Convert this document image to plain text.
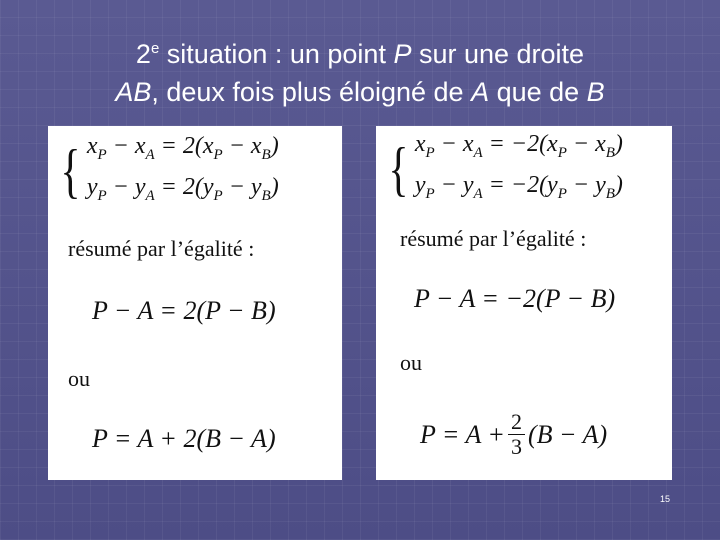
2e situation : un point P sur une droite
AB, deux fois plus éloigné de A que de B
{ $x_P - x_A = 2(x_P - x_B)$
$y_P - y_A = 2(y_P - y_B)$
résumé par l’égalité :
P − A = 2(P − B)
ou
P = A + 2(B − A)
{ $x_P - x_A = -2(x_P - x_B)$
$y_P - y_A = -2(y_P - y_B)$
résumé par l’égalité :
P − A = −2(P − B)
ou
$P = A + \frac{2}{3} (B - A)$
15
